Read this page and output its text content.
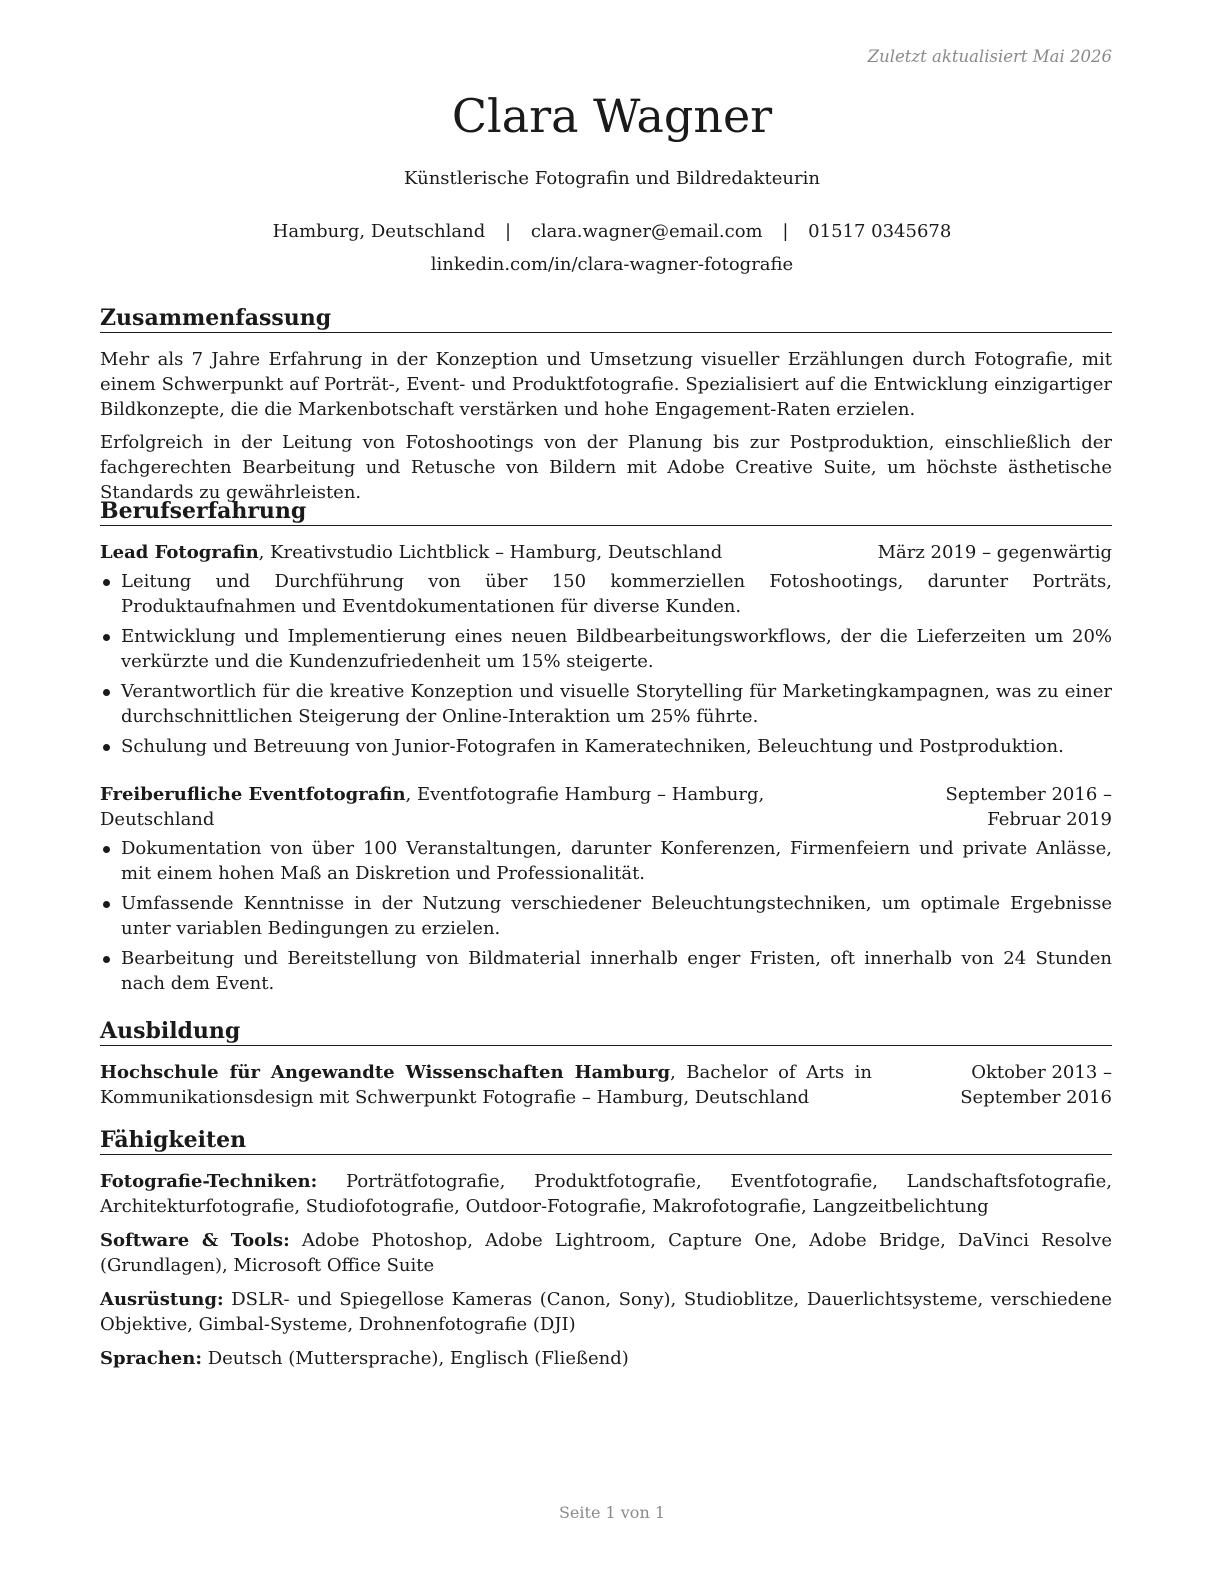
Zuletzt aktualisiert Mai 2026
Clara Wagner
Künstlerische Fotografin und Bildredakteurin
Hamburg, Deutschland | clara.wagner@email.com | 01517 0345678
linkedin.com/in/clara-wagner-fotografie
Zusammenfassung

Mehr als 7 Jahre Erfahrung in der Konzeption und Umsetzung visueller Erzählungen durch Fotografie, mit einem Schwerpunkt auf Porträt-, Event- und Produktfotografie. Spezialisiert auf die Entwicklung einzigartiger Bildkonzepte, die die Markenbotschaft verstärken und hohe Engagement-Raten erzielen.

Erfolgreich in der Leitung von Fotoshootings von der Planung bis zur Postproduktion, einschließlich der fachgerechten Bearbeitung und Retusche von Bildern mit Adobe Creative Suite, um höchste ästhetische Standards zu gewährleisten.

Berufserfahrung
Lead Fotografin, Kreativstudio Lichtblick – Hamburg, Deutschland	März 2019 – gegenwärtig
Leitung und Durchführung von über 150 kommerziellen Fotoshootings, darunter Porträts, Produktaufnahmen und Eventdokumentationen für diverse Kunden.
Entwicklung und Implementierung eines neuen Bildbearbeitungsworkflows, der die Lieferzeiten um 20% verkürzte und die Kundenzufriedenheit um 15% steigerte.
Verantwortlich für die kreative Konzeption und visuelle Storytelling für Marketingkampagnen, was zu einer durchschnittlichen Steigerung der Online-Interaktion um 25% führte.
Schulung und Betreuung von Junior-Fotografen in Kameratechniken, Beleuchtung und Postproduktion.
Freiberufliche Eventfotografin, Eventfotografie Hamburg – Hamburg, Deutschland
September 2016 – Februar 2019
Dokumentation von über 100 Veranstaltungen, darunter Konferenzen, Firmenfeiern und private Anlässe, mit einem hohen Maß an Diskretion und Professionalität.
Umfassende Kenntnisse in der Nutzung verschiedener Beleuchtungstechniken, um optimale Ergebnisse unter variablen Bedingungen zu erzielen.
Bearbeitung und Bereitstellung von Bildmaterial innerhalb enger Fristen, oft innerhalb von 24 Stunden nach dem Event.
Ausbildung
Hochschule für Angewandte Wissenschaften Hamburg, Bachelor of Arts in Kommunikationsdesign mit Schwerpunkt Fotografie – Hamburg, Deutschland
Oktober 2013 – September 2016
Fähigkeiten

Fotografie-Techniken: Porträtfotografie, Produktfotografie, Eventfotografie, Landschaftsfotografie, Architekturfotografie, Studiofotografie, Outdoor-Fotografie, Makrofotografie, Langzeitbelichtung

Software & Tools: Adobe Photoshop, Adobe Lightroom, Capture One, Adobe Bridge, DaVinci Resolve (Grundlagen), Microsoft Office Suite

Ausrüstung: DSLR- und Spiegellose Kameras (Canon, Sony), Studioblitze, Dauerlichtsysteme, verschiedene Objektive, Gimbal-Systeme, Drohnenfotografie (DJI)

Sprachen: Deutsch (Muttersprache), Englisch (Fließend)

Seite 1 von 1
